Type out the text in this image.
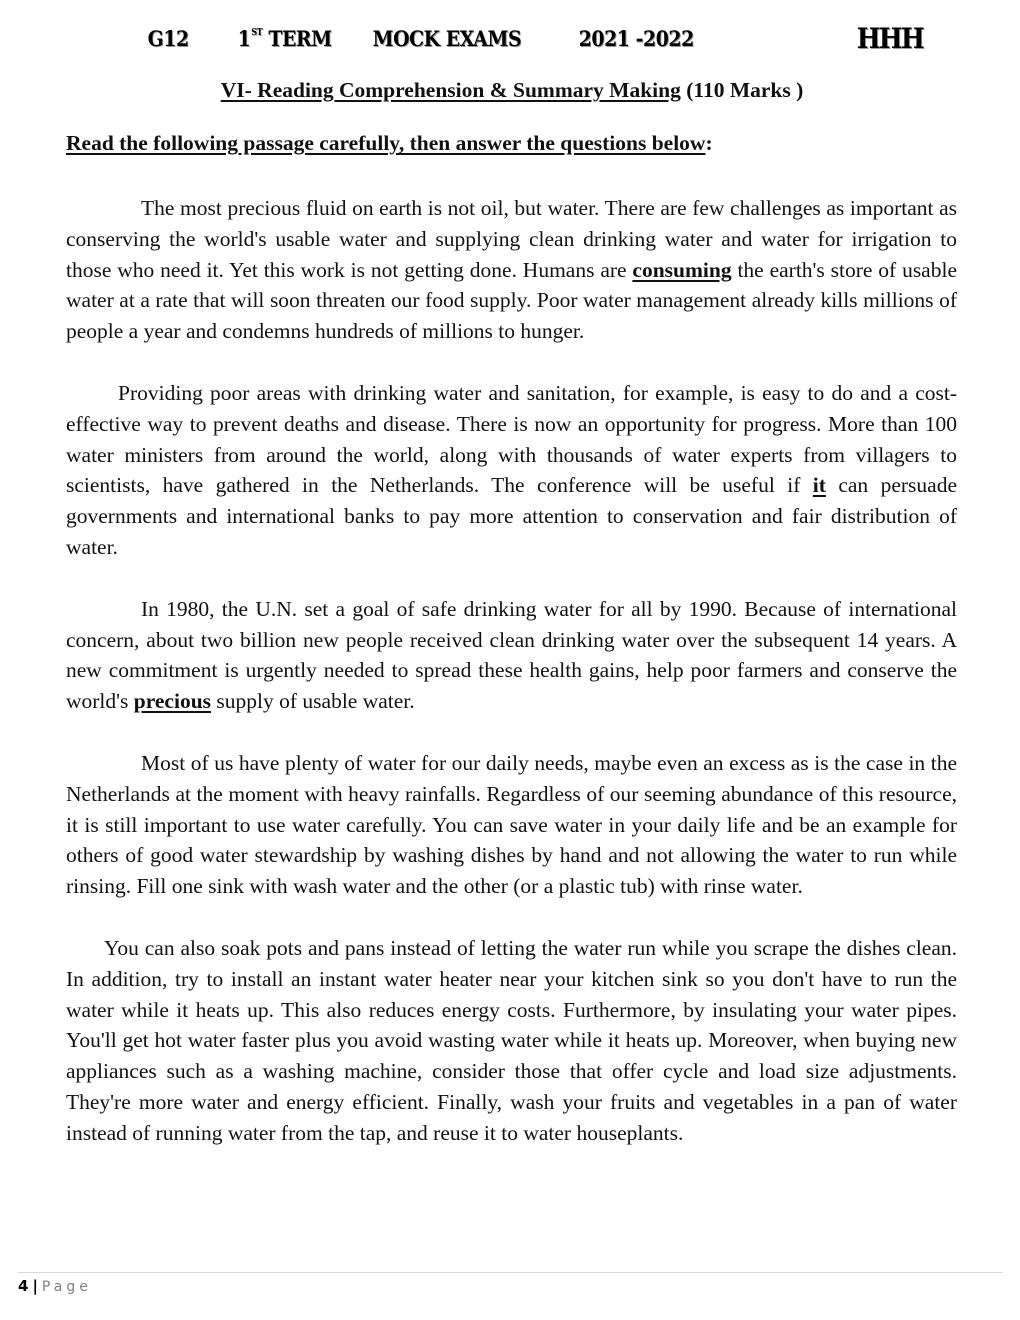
G12 1ST TERM MOCK EXAMS	2021 -2022	HHH
VI- Reading Comprehension & Summary Making (110 Marks )
Read the following passage carefully, then answer the questions below:

The most precious fluid on earth is not oil, but water. There are few challenges as important as conserving the world's usable water and supplying clean drinking water and water for irrigation to those who need it. Yet this work is not getting done. Humans are consuming the earth's store of usable water at a rate that will soon threaten our food supply. Poor water management already kills millions of people a year and condemns hundreds of millions to hunger.

Providing poor areas with drinking water and sanitation, for example, is easy to do and a cost-effective way to prevent deaths and disease. There is now an opportunity for progress. More than 100 water ministers from around the world, along with thousands of water experts from villagers to scientists, have gathered in the Netherlands. The conference will be useful if it can persuade governments and international banks to pay more attention to conservation and fair distribution of water.

In 1980, the U.N. set a goal of safe drinking water for all by 1990. Because of international concern, about two billion new people received clean drinking water over the subsequent 14 years. A new commitment is urgently needed to spread these health gains, help poor farmers and conserve the world's precious supply of usable water.

Most of us have plenty of water for our daily needs, maybe even an excess as is the case in the Netherlands at the moment with heavy rainfalls. Regardless of our seeming abundance of this resource, it is still important to use water carefully. You can save water in your daily life and be an example for others of good water stewardship by washing dishes by hand and not allowing the water to run while rinsing. Fill one sink with wash water and the other (or a plastic tub) with rinse water.

You can also soak pots and pans instead of letting the water run while you scrape the dishes clean. In addition, try to install an instant water heater near your kitchen sink so you don't have to run the water while it heats up. This also reduces energy costs. Furthermore, by insulating your water pipes. You'll get hot water faster plus you avoid wasting water while it heats up. Moreover, when buying new appliances such as a washing machine, consider those that offer cycle and load size adjustments. They're more water and energy efficient. Finally, wash your fruits and vegetables in a pan of water instead of running water from the tap, and reuse it to water houseplants.

4 | Page
